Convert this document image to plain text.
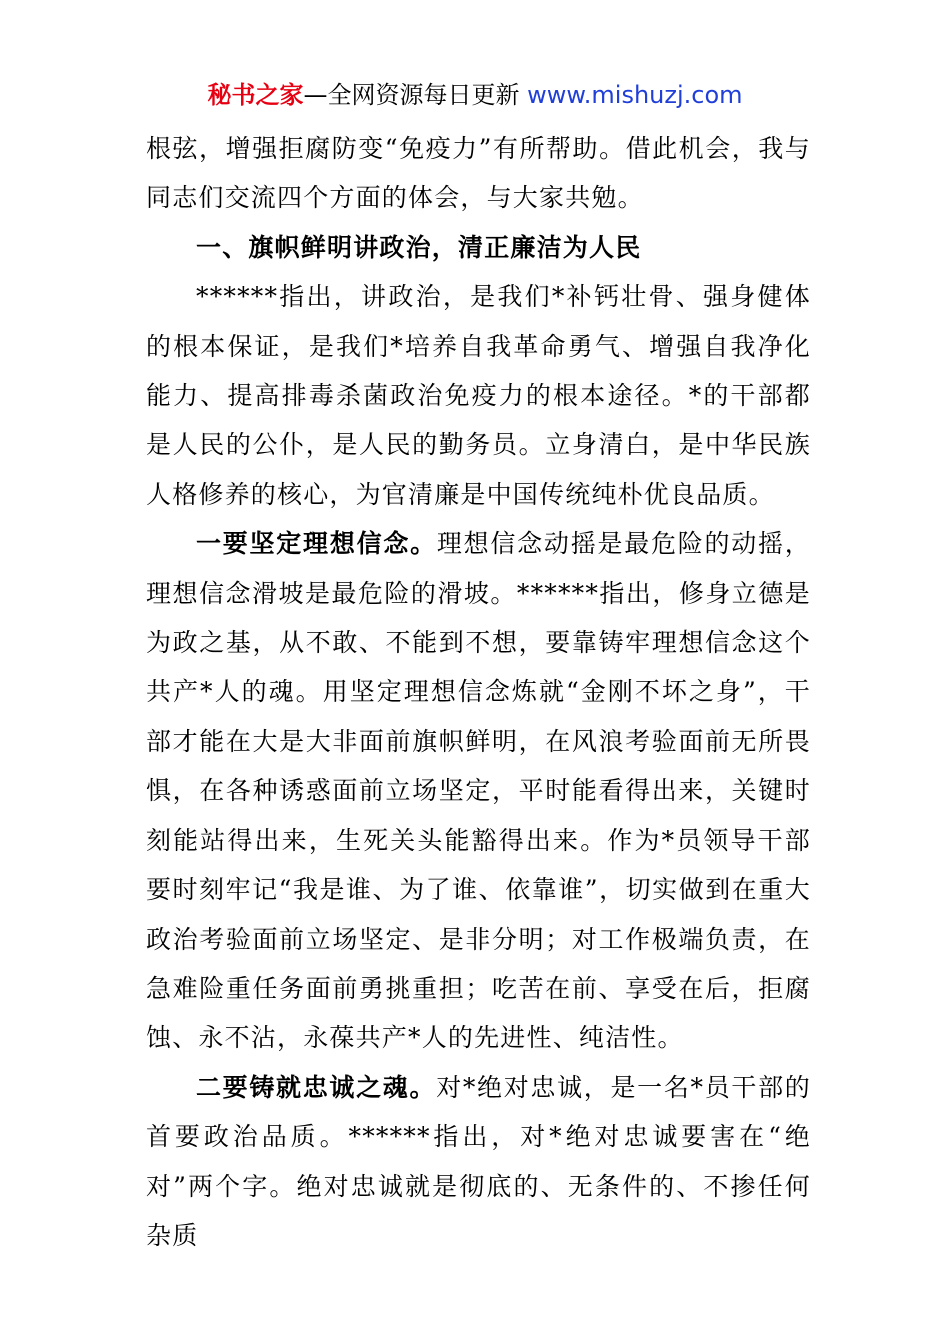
秘书之家—全网资源每日更新 www.mishuzj.com

根弦，增强拒腐防变“免疫力”有所帮助。借此机会，我与同志们交流四个方面的体会，与大家共勉。

一、旗帜鲜明讲政治，清正廉洁为人民

******指出，讲政治，是我们*补钙壮骨、强身健体的根本保证，是我们*培养自我革命勇气、增强自我净化能力、提高排毒杀菌政治免疫力的根本途径。*的干部都是人民的公仆，是人民的勤务员。立身清白，是中华民族人格修养的核心，为官清廉是中国传统纯朴优良品质。

一要坚定理想信念。理想信念动摇是最危险的动摇，理想信念滑坡是最危险的滑坡。******指出，修身立德是为政之基，从不敢、不能到不想，要靠铸牢理想信念这个共产*人的魂。用坚定理想信念炼就“金刚不坏之身”，干部才能在大是大非面前旗帜鲜明，在风浪考验面前无所畏惧，在各种诱惑面前立场坚定，平时能看得出来，关键时刻能站得出来，生死关头能豁得出来。作为*员领导干部要时刻牢记“我是谁、为了谁、依靠谁”，切实做到在重大政治考验面前立场坚定、是非分明；对工作极端负责，在急难险重任务面前勇挑重担；吃苦在前、享受在后，拒腐蚀、永不沾，永葆共产*人的先进性、纯洁性。

二要铸就忠诚之魂。对*绝对忠诚，是一名*员干部的首要政治品质。******指出，对*绝对忠诚要害在“绝对”两个字。绝对忠诚就是彻底的、无条件的、不掺任何杂质
